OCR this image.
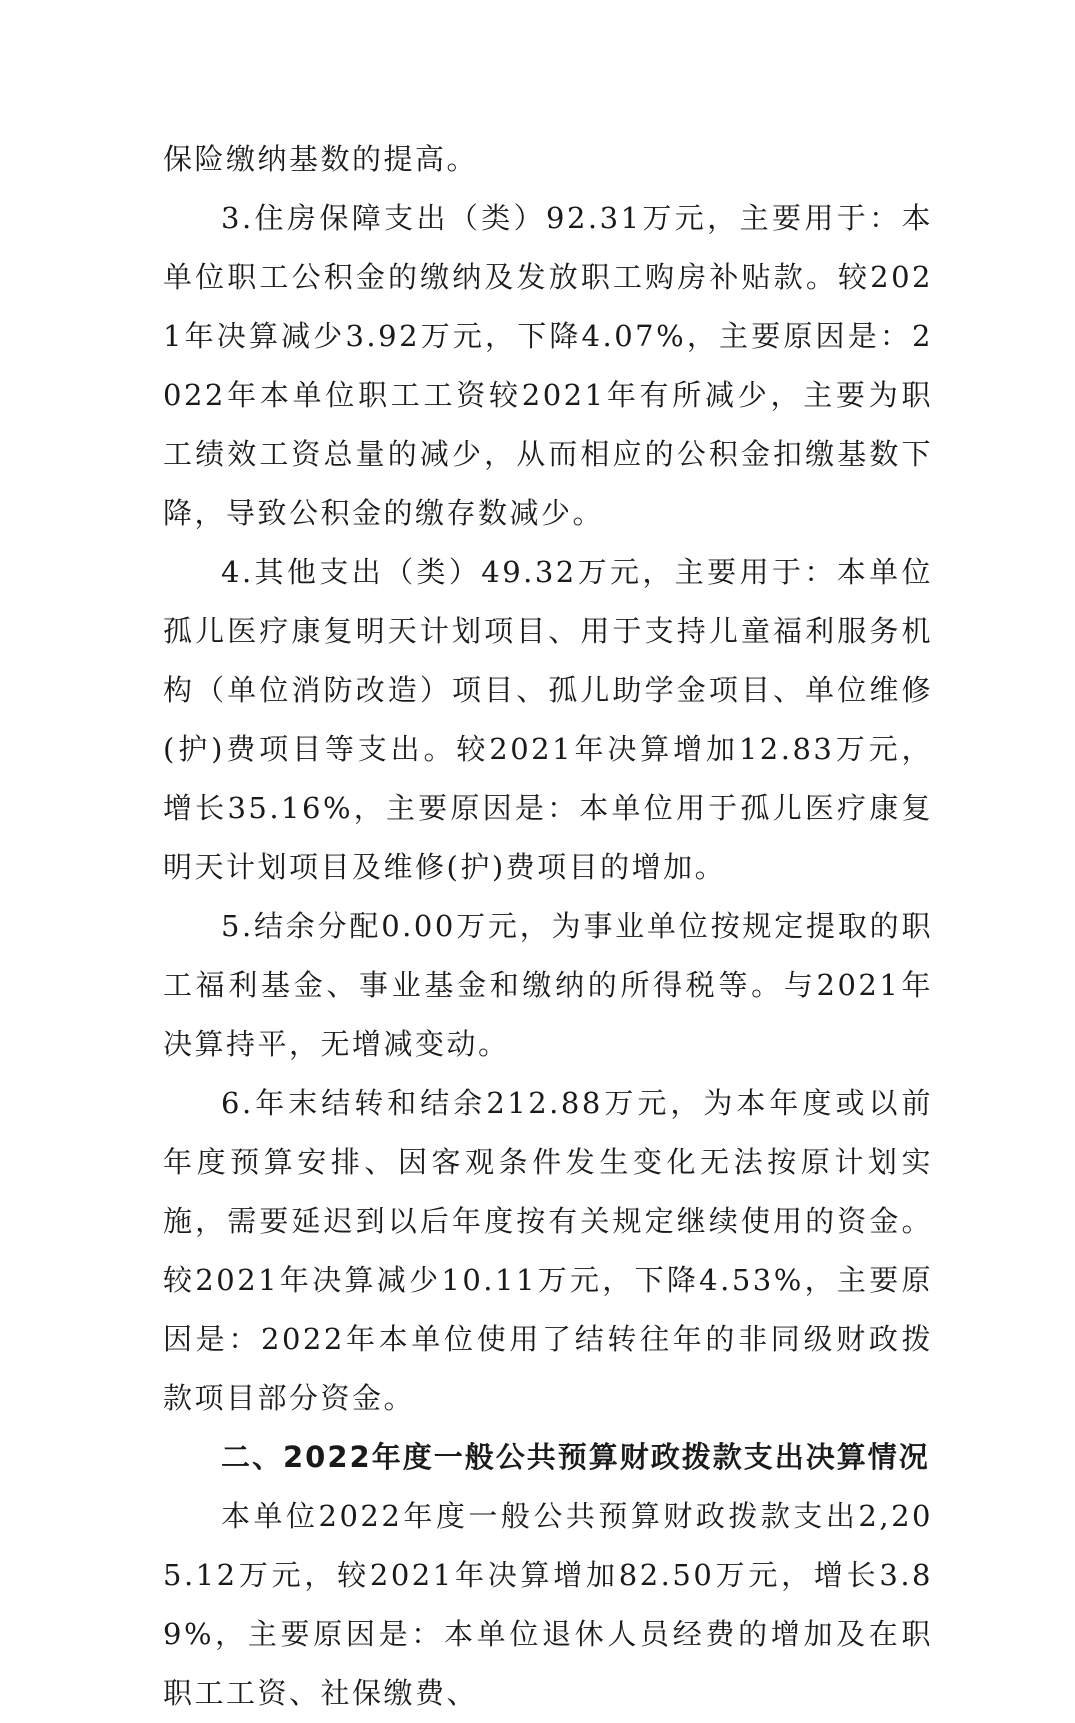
保险缴纳基数的提高。

3.住房保障支出（类）92.31万元，主要用于：本单位职工公积金的缴纳及发放职工购房补贴款。较2021年决算减少3.92万元，下降4.07%，主要原因是：2022年本单位职工工资较2021年有所减少，主要为职工绩效工资总量的减少，从而相应的公积金扣缴基数下降，导致公积金的缴存数减少。

4.其他支出（类）49.32万元，主要用于：本单位孤儿医疗康复明天计划项目、用于支持儿童福利服务机构（单位消防改造）项目、孤儿助学金项目、单位维修(护)费项目等支出。较2021年决算增加12.83万元，增长35.16%，主要原因是：本单位用于孤儿医疗康复明天计划项目及维修(护)费项目的增加。

5.结余分配0.00万元，为事业单位按规定提取的职工福利基金、事业基金和缴纳的所得税等。与2021年决算持平，无增减变动。

6.年末结转和结余212.88万元，为本年度或以前年度预算安排、因客观条件发生变化无法按原计划实施，需要延迟到以后年度按有关规定继续使用的资金。较2021年决算减少10.11万元，下降4.53%，主要原因是：2022年本单位使用了结转往年的非同级财政拨款项目部分资金。

二、2022年度一般公共预算财政拨款支出决算情况

本单位2022年度一般公共预算财政拨款支出2,205.12万元，较2021年决算增加82.50万元，增长3.89%，主要原因是：本单位退休人员经费的增加及在职职工工资、社保缴费、
